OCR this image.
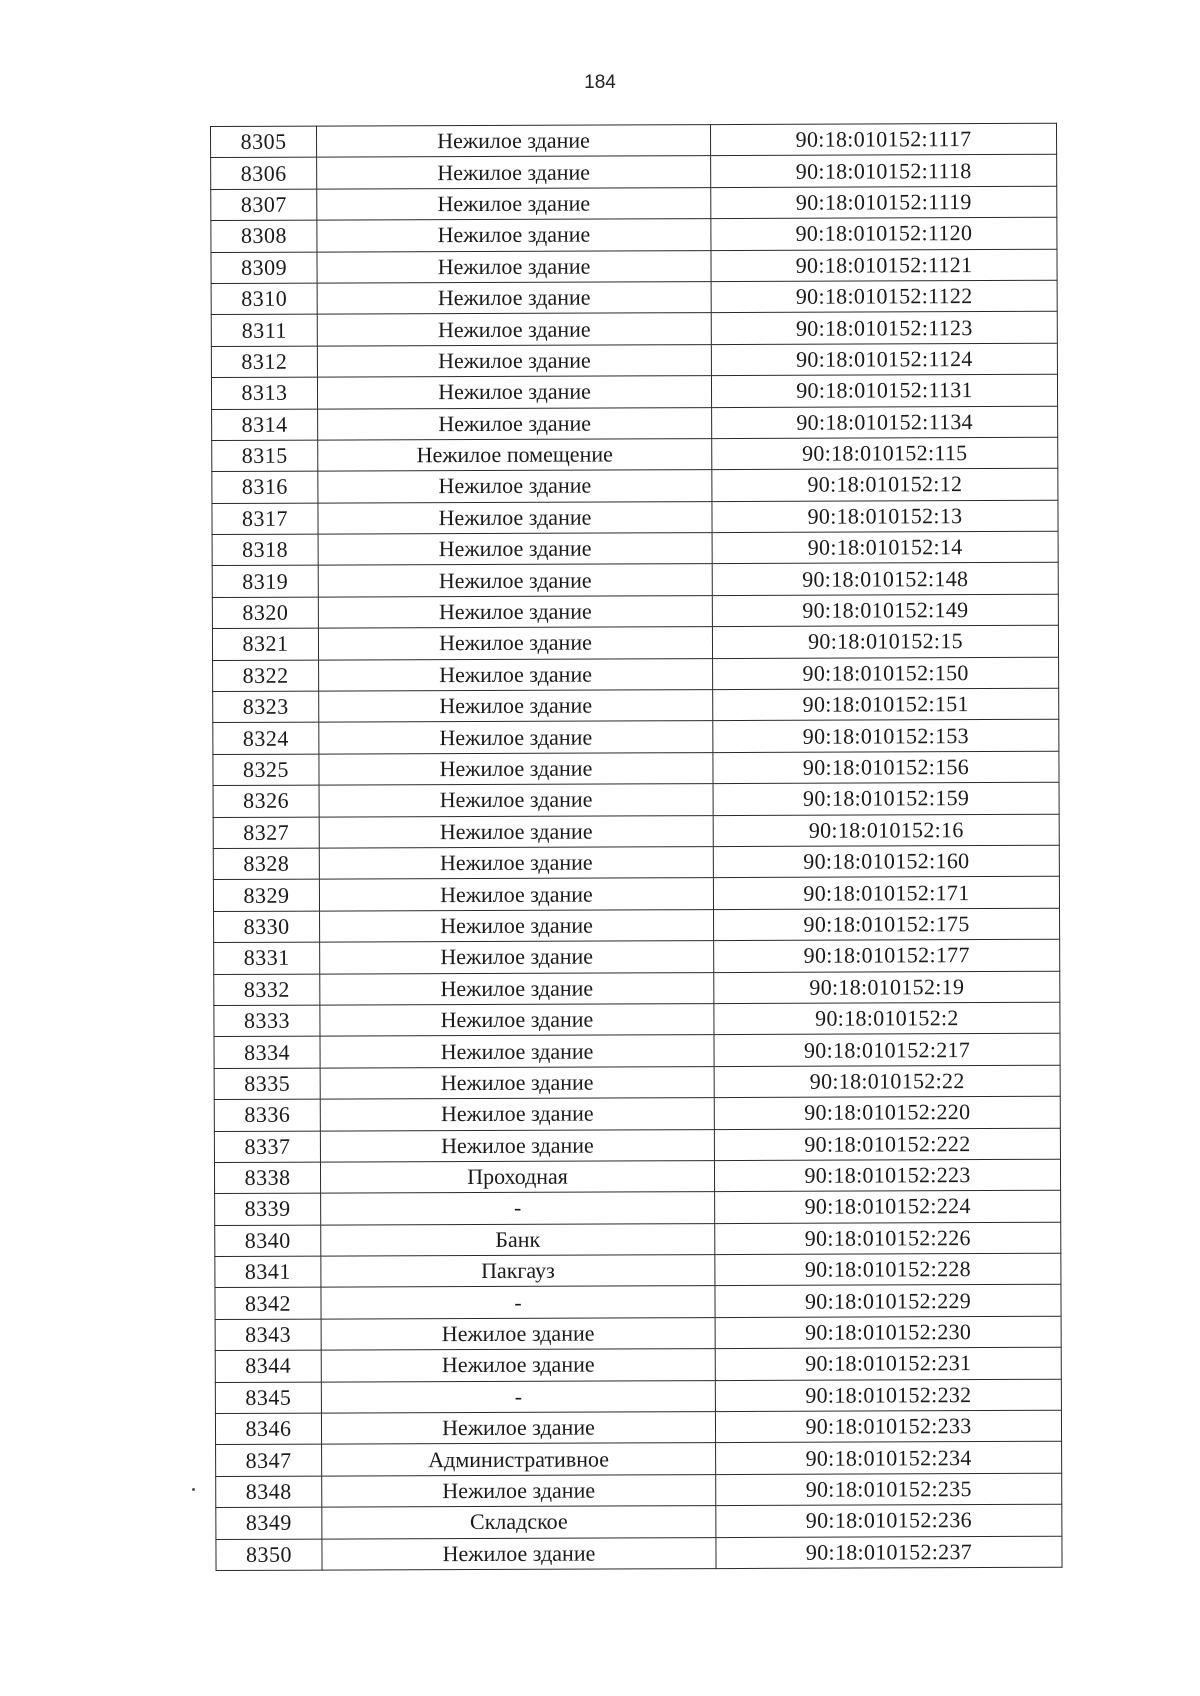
184
8305	Нежилое здание	90:18:010152:1117
8306	Нежилое здание	90:18:010152:1118
8307	Нежилое здание	90:18:010152:1119
8308	Нежилое здание	90:18:010152:1120
8309	Нежилое здание	90:18:010152:1121
8310	Нежилое здание	90:18:010152:1122
8311	Нежилое здание	90:18:010152:1123
8312	Нежилое здание	90:18:010152:1124
8313	Нежилое здание	90:18:010152:1131
8314	Нежилое здание	90:18:010152:1134
8315	Нежилое помещение	90:18:010152:115
8316	Нежилое здание	90:18:010152:12
8317	Нежилое здание	90:18:010152:13
8318	Нежилое здание	90:18:010152:14
8319	Нежилое здание	90:18:010152:148
8320	Нежилое здание	90:18:010152:149
8321	Нежилое здание	90:18:010152:15
8322	Нежилое здание	90:18:010152:150
8323	Нежилое здание	90:18:010152:151
8324	Нежилое здание	90:18:010152:153
8325	Нежилое здание	90:18:010152:156
8326	Нежилое здание	90:18:010152:159
8327	Нежилое здание	90:18:010152:16
8328	Нежилое здание	90:18:010152:160
8329	Нежилое здание	90:18:010152:171
8330	Нежилое здание	90:18:010152:175
8331	Нежилое здание	90:18:010152:177
8332	Нежилое здание	90:18:010152:19
8333	Нежилое здание	90:18:010152:2
8334	Нежилое здание	90:18:010152:217
8335	Нежилое здание	90:18:010152:22
8336	Нежилое здание	90:18:010152:220
8337	Нежилое здание	90:18:010152:222
8338	Проходная	90:18:010152:223
8339	-	90:18:010152:224
8340	Банк	90:18:010152:226
8341	Пакгауз	90:18:010152:228
8342	-	90:18:010152:229
8343	Нежилое здание	90:18:010152:230
8344	Нежилое здание	90:18:010152:231
8345	-	90:18:010152:232
8346	Нежилое здание	90:18:010152:233
8347	Административное	90:18:010152:234
8348	Нежилое здание	90:18:010152:235
8349	Складское	90:18:010152:236
8350	Нежилое здание	90:18:010152:237
